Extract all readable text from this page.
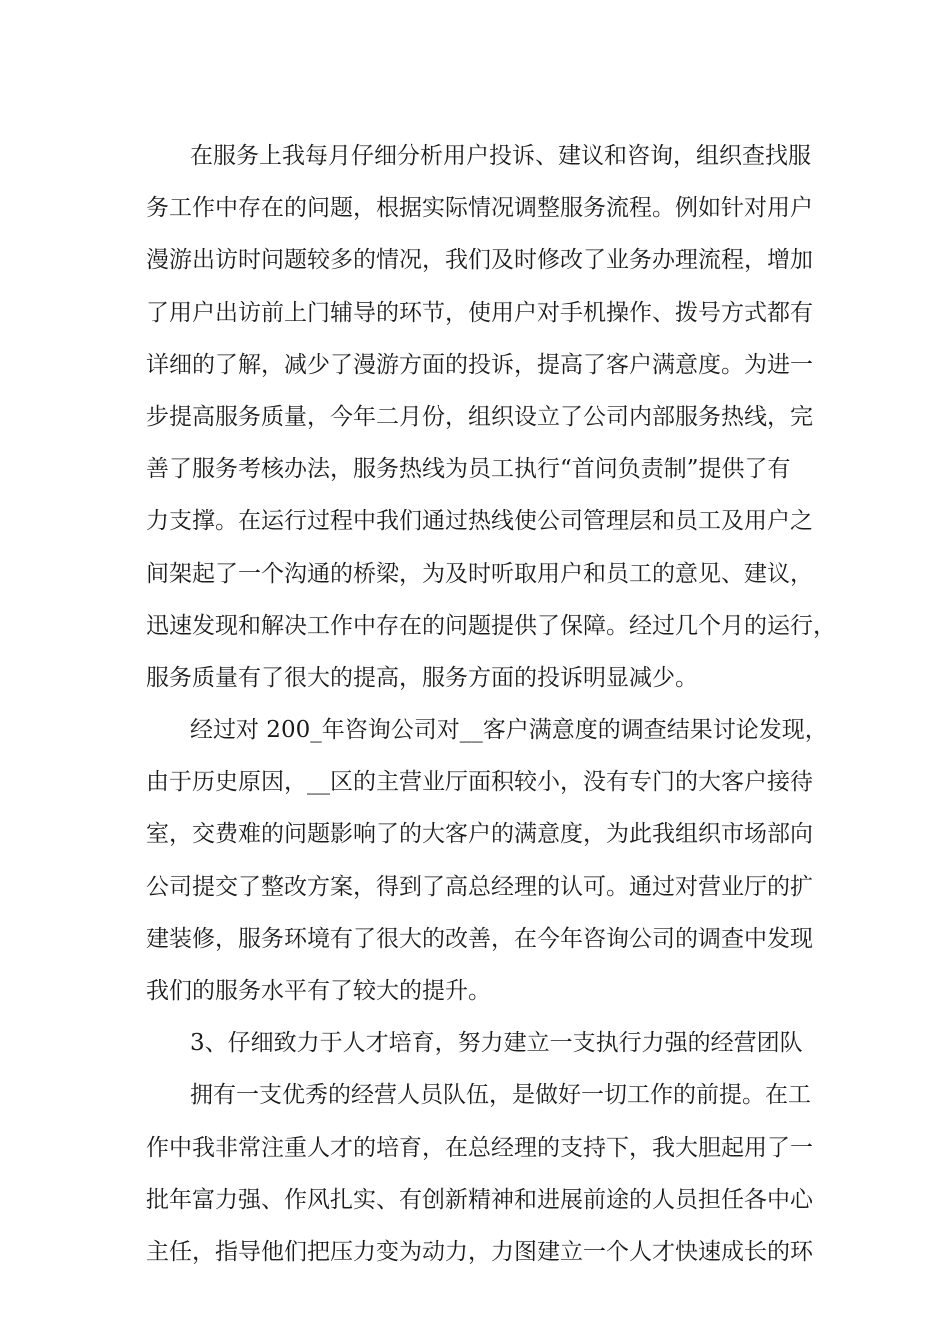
在服务上我每月仔细分析用户投诉、建议和咨询，组织查找服
务工作中存在的问题，根据实际情况调整服务流程。例如针对用户
漫游出访时问题较多的情况，我们及时修改了业务办理流程，增加
了用户出访前上门辅导的环节，使用户对手机操作、拨号方式都有
详细的了解，减少了漫游方面的投诉，提高了客户满意度。为进一
步提高服务质量，今年二月份，组织设立了公司内部服务热线，完
善了服务考核办法，服务热线为员工执行“首问负责制”提供了有
力支撑。在运行过程中我们通过热线使公司管理层和员工及用户之
间架起了一个沟通的桥梁，为及时听取用户和员工的意见、建议，
迅速发现和解决工作中存在的问题提供了保障。经过几个月的运行，
服务质量有了很大的提高，服务方面的投诉明显减少。
经过对 200_年咨询公司对__客户满意度的调查结果讨论发现，
由于历史原因，__区的主营业厅面积较小，没有专门的大客户接待
室，交费难的问题影响了的大客户的满意度，为此我组织市场部向
公司提交了整改方案，得到了高总经理的认可。通过对营业厅的扩
建装修，服务环境有了很大的改善，在今年咨询公司的调查中发现
我们的服务水平有了较大的提升。
3、仔细致力于人才培育，努力建立一支执行力强的经营团队
拥有一支优秀的经营人员队伍，是做好一切工作的前提。在工
作中我非常注重人才的培育，在总经理的支持下，我大胆起用了一
批年富力强、作风扎实、有创新精神和进展前途的人员担任各中心
主任，指导他们把压力变为动力，力图建立一个人才快速成长的环
